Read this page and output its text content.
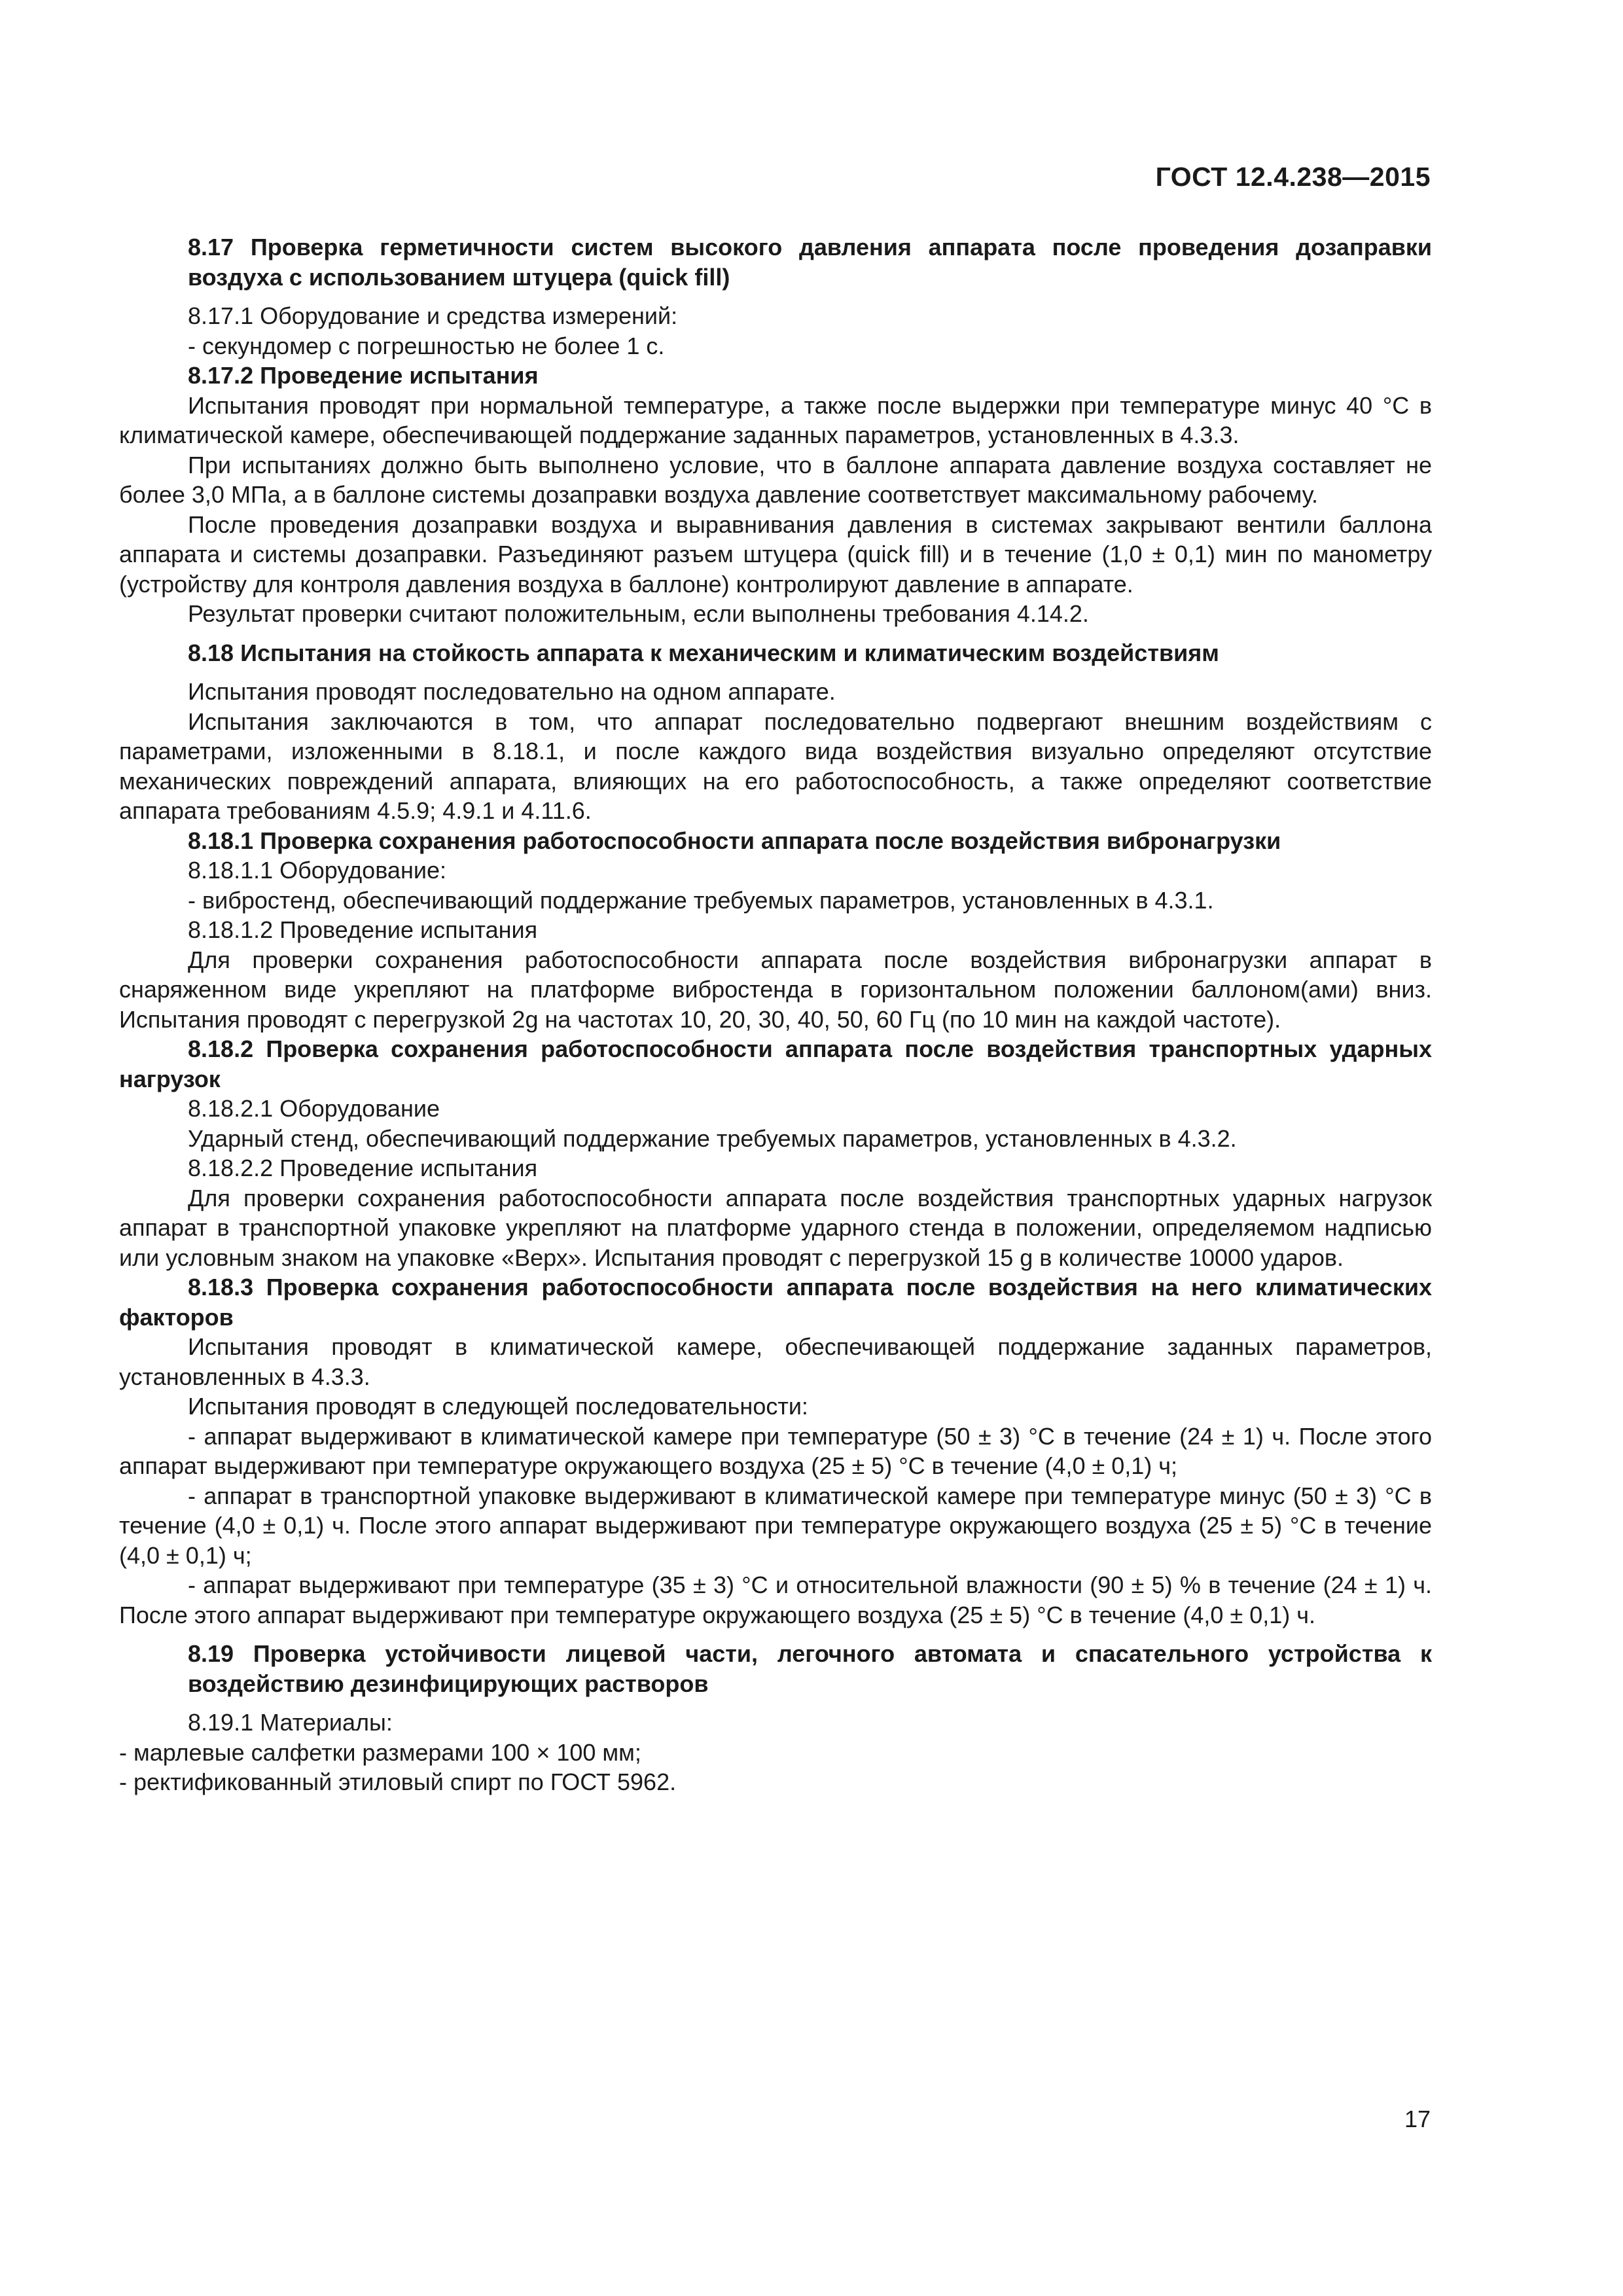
ГОСТ 12.4.238—2015

8.17 Проверка герметичности систем высокого давления аппарата после проведения дозаправки воздуха с использованием штуцера (quick fill)

8.17.1 Оборудование и средства измерений:

- секундомер с погрешностью не более 1 с.

8.17.2 Проведение испытания

Испытания проводят при нормальной температуре, а также после выдержки при температуре минус 40 °С в климатической камере, обеспечивающей поддержание заданных параметров, установленных в 4.3.3.

При испытаниях должно быть выполнено условие, что в баллоне аппарата давление воздуха составляет не более 3,0 МПа, а в баллоне системы дозаправки воздуха давление соответствует максимальному рабочему.

После проведения дозаправки воздуха и выравнивания давления в системах закрывают вентили баллона аппарата и системы дозаправки. Разъединяют разъем штуцера (quick fill) и в течение (1,0 ± 0,1) мин по манометру (устройству для контроля давления воздуха в баллоне) контролируют давление в аппарате.

Результат проверки считают положительным, если выполнены требования 4.14.2.

8.18 Испытания на стойкость аппарата к механическим и климатическим воздействиям

Испытания проводят последовательно на одном аппарате.

Испытания заключаются в том, что аппарат последовательно подвергают внешним воздействиям с параметрами, изложенными в 8.18.1, и после каждого вида воздействия визуально определяют отсутствие механических повреждений аппарата, влияющих на его работоспособность, а также определяют соответствие аппарата требованиям 4.5.9; 4.9.1 и 4.11.6.

8.18.1 Проверка сохранения работоспособности аппарата после воздействия вибронагрузки

8.18.1.1 Оборудование:

- вибростенд, обеспечивающий поддержание требуемых параметров, установленных в 4.3.1.

8.18.1.2 Проведение испытания

Для проверки сохранения работоспособности аппарата после воздействия вибронагрузки аппарат в снаряженном виде укрепляют на платформе вибростенда в горизонтальном положении баллоном(ами) вниз. Испытания проводят с перегрузкой 2g на частотах 10, 20, 30, 40, 50, 60 Гц (по 10 мин на каждой частоте).

8.18.2 Проверка сохранения работоспособности аппарата после воздействия транспортных ударных нагрузок

8.18.2.1 Оборудование

Ударный стенд, обеспечивающий поддержание требуемых параметров, установленных в 4.3.2.

8.18.2.2 Проведение испытания

Для проверки сохранения работоспособности аппарата после воздействия транспортных ударных нагрузок аппарат в транспортной упаковке укрепляют на платформе ударного стенда в положении, определяемом надписью или условным знаком на упаковке «Верх». Испытания проводят с перегрузкой 15 g в количестве 10000 ударов.

8.18.3 Проверка сохранения работоспособности аппарата после воздействия на него климатических факторов

Испытания проводят в климатической камере, обеспечивающей поддержание заданных параметров, установленных в 4.3.3.

Испытания проводят в следующей последовательности:

- аппарат выдерживают в климатической камере при температуре (50 ± 3) °С в течение (24 ± 1) ч. После этого аппарат выдерживают при температуре окружающего воздуха (25 ± 5) °С в течение (4,0 ± 0,1) ч;

- аппарат в транспортной упаковке выдерживают в климатической камере при температуре минус (50 ± 3) °С в течение (4,0 ± 0,1) ч. После этого аппарат выдерживают при температуре окружающего воздуха (25 ± 5) °С в течение (4,0 ± 0,1) ч;

- аппарат выдерживают при температуре (35 ± 3) °С и относительной влажности (90 ± 5) % в течение (24 ± 1) ч. После этого аппарат выдерживают при температуре окружающего воздуха (25 ± 5) °С в течение (4,0 ± 0,1) ч.

8.19 Проверка устойчивости лицевой части, легочного автомата и спасательного устройства к воздействию дезинфицирующих растворов

8.19.1 Материалы:

- марлевые салфетки размерами 100 × 100 мм;

- ректификованный этиловый спирт по ГОСТ 5962.

17
